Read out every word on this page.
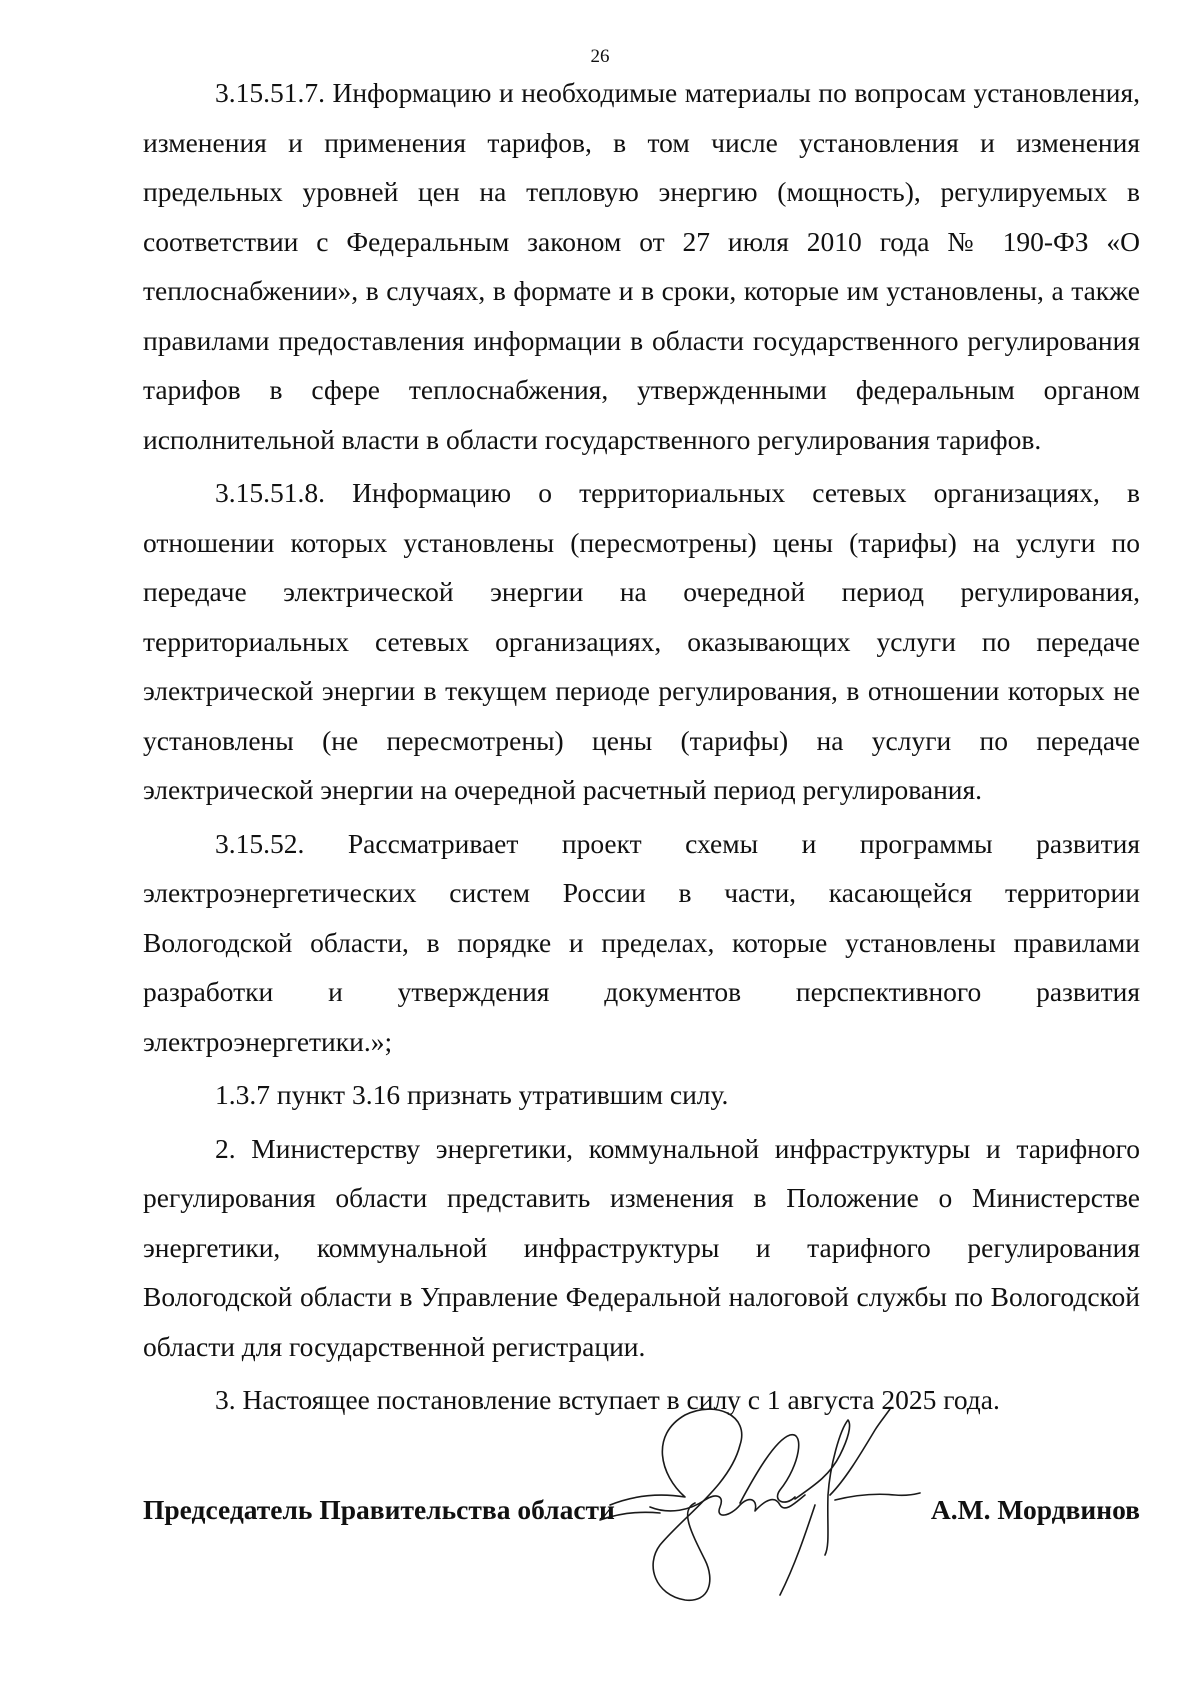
26

3.15.51.7. Информацию и необходимые материалы по вопросам установления, изменения и применения тарифов, в том числе установления и изменения предельных уровней цен на тепловую энергию (мощность), регулируемых в соответствии с Федеральным законом от 27 июля 2010 года № 190-ФЗ «О теплоснабжении», в случаях, в формате и в сроки, которые им установлены, а также правилами предоставления информации в области государственного регулирования тарифов в сфере теплоснабжения, утвержденными федеральным органом исполнительной власти в области государственного регулирования тарифов.

3.15.51.8. Информацию о территориальных сетевых организациях, в отношении которых установлены (пересмотрены) цены (тарифы) на услуги по передаче электрической энергии на очередной период регулирования, территориальных сетевых организациях, оказывающих услуги по передаче электрической энергии в текущем периоде регулирования, в отношении которых не установлены (не пересмотрены) цены (тарифы) на услуги по передаче электрической энергии на очередной расчетный период регулирования.

3.15.52. Рассматривает проект схемы и программы развития электроэнергетических систем России в части, касающейся территории Вологодской области, в порядке и пределах, которые установлены правилами разработки и утверждения документов перспективного развития электроэнергетики.»;

1.3.7 пункт 3.16 признать утратившим силу.

2. Министерству энергетики, коммунальной инфраструктуры и тарифного регулирования области представить изменения в Положение о Министерстве энергетики, коммунальной инфраструктуры и тарифного регулирования Вологодской области в Управление Федеральной налоговой службы по Вологодской области для государственной регистрации.

3. Настоящее постановление вступает в силу с 1 августа 2025 года.

Председатель Правительства области	А.М. Мордвинов
